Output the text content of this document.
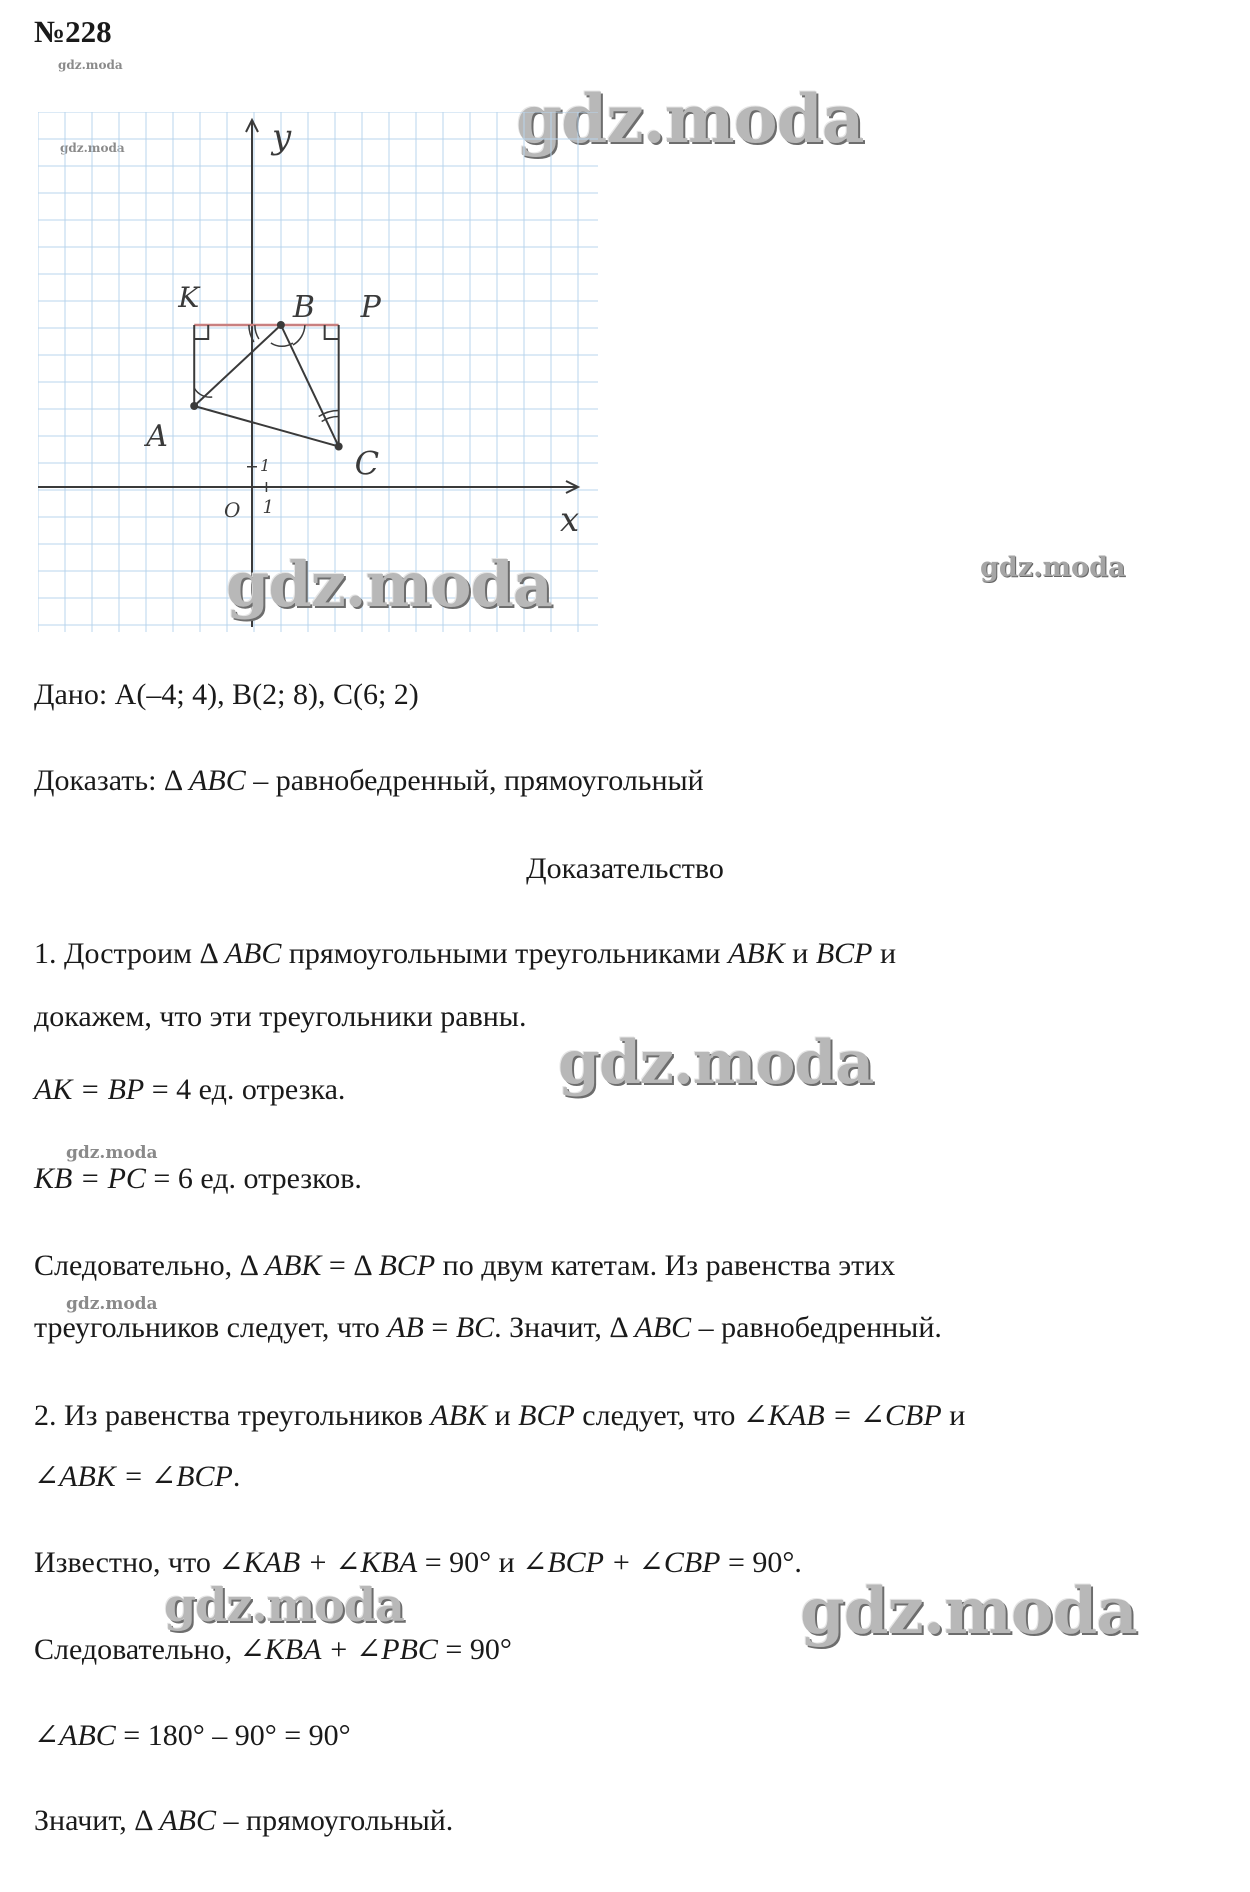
№228
gdz.moda
gdz.moda	gdz.moda
y
x
O 1
1
K	B P
A
C
gdz.moda	gdz.moda
Дано: A(–4; 4), B(2; 8), C(6; 2)
Доказать: Δ ABC – равнобедренный, прямоугольный
Доказательство
1. Достроим Δ ABC прямоугольными треугольниками ABK и BCP и
докажем, что эти треугольники равны.
gdz.moda
AK = BP = 4 ед. отрезка.
gdz.moda
KB = PC = 6 ед. отрезков.
Следовательно, Δ ABK = Δ BCP по двум катетам. Из равенства этих
gdz.moda
треугольников следует, что AB = BC. Значит, Δ ABC – равнобедренный.
2. Из равенства треугольников ABK и BCP следует, что ∠KAB = ∠CBP и
∠ABK = ∠BCP.
Известно, что ∠KAB + ∠KBA = 90° и ∠BCP + ∠CBP = 90°.
gdz.moda	gdz.moda
Следовательно, ∠KBA + ∠PBC = 90°
∠ABC = 180° – 90° = 90°
Значит, Δ ABC – прямоугольный.
